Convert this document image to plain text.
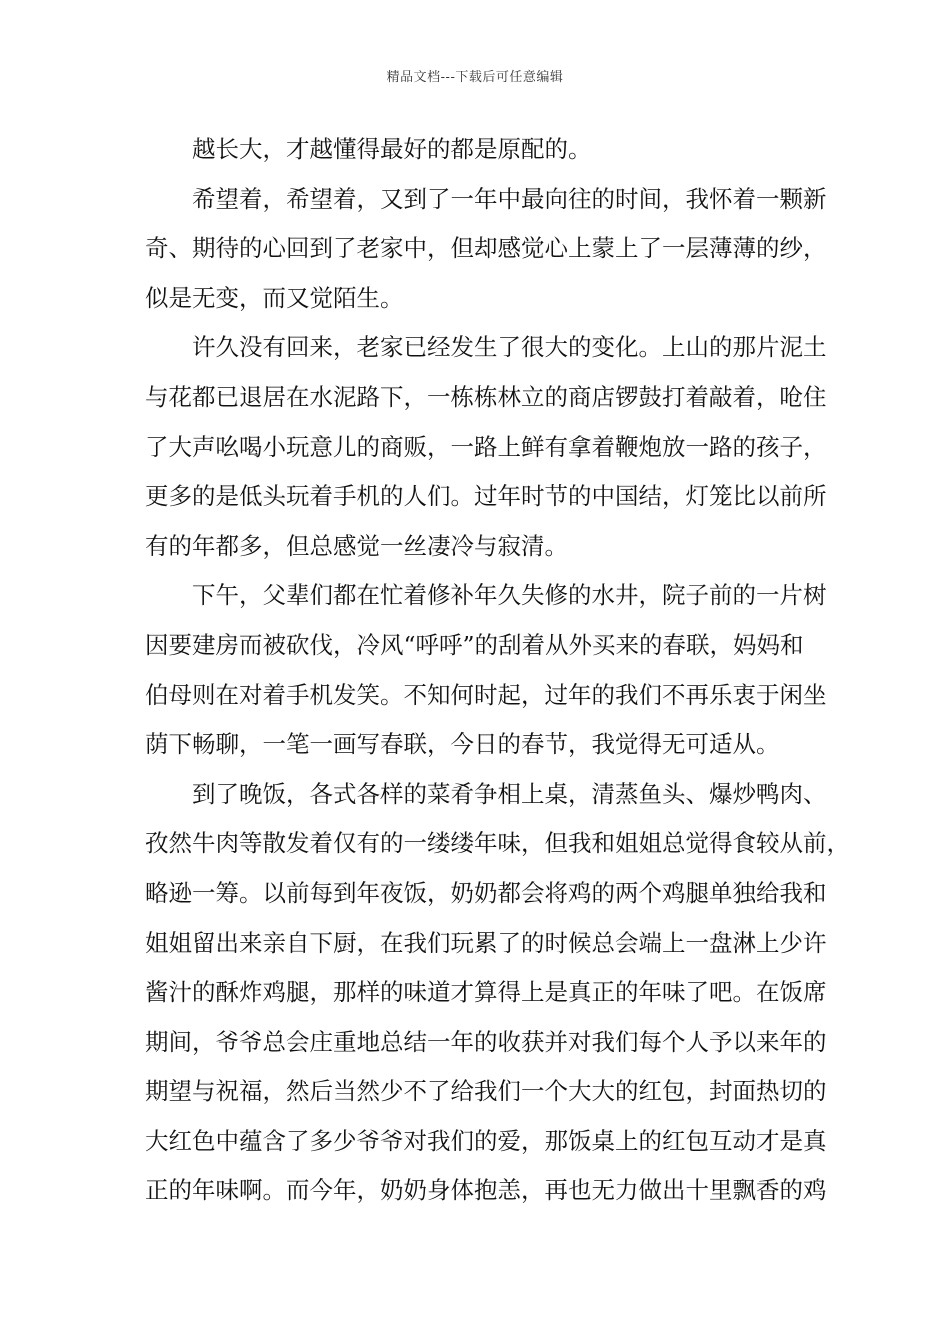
精品文档---下载后可任意编辑
越长大，才越懂得最好的都是原配的。
希望着，希望着，又到了一年中最向往的时间，我怀着一颗新
奇、期待的心回到了老家中，但却感觉心上蒙上了一层薄薄的纱，
似是无变，而又觉陌生。
许久没有回来，老家已经发生了很大的变化。上山的那片泥土
与花都已退居在水泥路下，一栋栋林立的商店锣鼓打着敲着，呛住
了大声吆喝小玩意儿的商贩，一路上鲜有拿着鞭炮放一路的孩子，
更多的是低头玩着手机的人们。过年时节的中国结，灯笼比以前所
有的年都多，但总感觉一丝凄冷与寂清。
下午，父辈们都在忙着修补年久失修的水井，院子前的一片树
因要建房而被砍伐，冷风“呼呼”的刮着从外买来的春联，妈妈和
伯母则在对着手机发笑。不知何时起，过年的我们不再乐衷于闲坐
荫下畅聊，一笔一画写春联，今日的春节，我觉得无可适从。
到了晚饭，各式各样的菜肴争相上桌，清蒸鱼头、爆炒鸭肉、
孜然牛肉等散发着仅有的一缕缕年味，但我和姐姐总觉得食较从前，
略逊一筹。以前每到年夜饭，奶奶都会将鸡的两个鸡腿单独给我和
姐姐留出来亲自下厨，在我们玩累了的时候总会端上一盘淋上少许
酱汁的酥炸鸡腿，那样的味道才算得上是真正的年味了吧。在饭席
期间，爷爷总会庄重地总结一年的收获并对我们每个人予以来年的
期望与祝福，然后当然少不了给我们一个大大的红包，封面热切的
大红色中蕴含了多少爷爷对我们的爱，那饭桌上的红包互动才是真
正的年味啊。而今年，奶奶身体抱恙，再也无力做出十里飘香的鸡
